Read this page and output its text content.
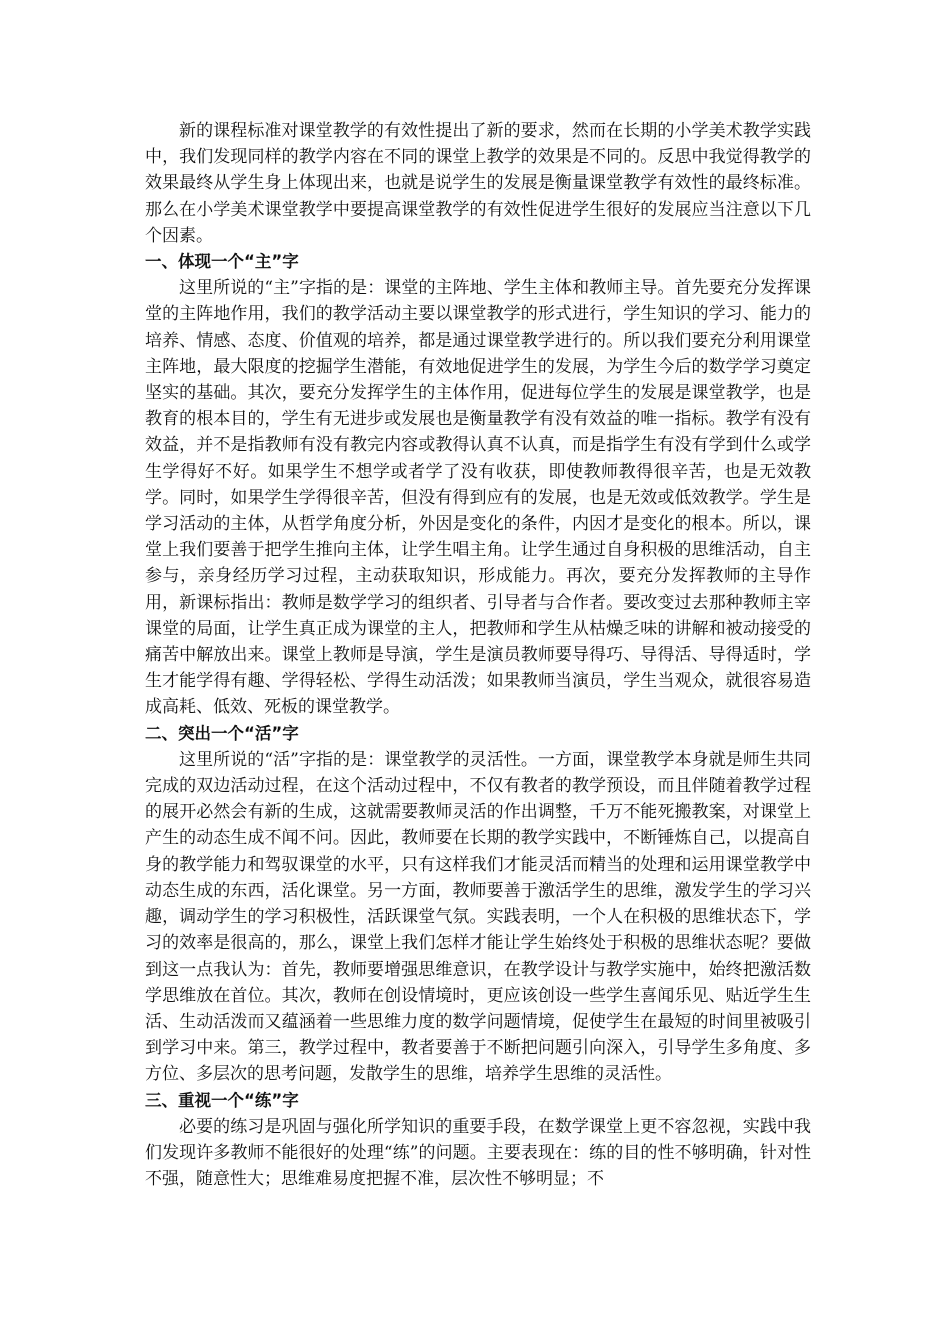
新的课程标准对课堂教学的有效性提出了新的要求，然而在长期的小学美术教学实践中，我们发现同样的教学内容在不同的课堂上教学的效果是不同的。反思中我觉得教学的效果最终从学生身上体现出来，也就是说学生的发展是衡量课堂教学有效性的最终标准。那么在小学美术课堂教学中要提高课堂教学的有效性促进学生很好的发展应当注意以下几个因素。

一、体现一个“主”字

这里所说的“主”字指的是：课堂的主阵地、学生主体和教师主导。首先要充分发挥课堂的主阵地作用，我们的教学活动主要以课堂教学的形式进行，学生知识的学习、能力的培养、情感、态度、价值观的培养，都是通过课堂教学进行的。所以我们要充分利用课堂主阵地，最大限度的挖掘学生潜能，有效地促进学生的发展，为学生今后的数学学习奠定坚实的基础。其次，要充分发挥学生的主体作用，促进每位学生的发展是课堂教学，也是教育的根本目的，学生有无进步或发展也是衡量教学有没有效益的唯一指标。教学有没有效益，并不是指教师有没有教完内容或教得认真不认真，而是指学生有没有学到什么或学生学得好不好。如果学生不想学或者学了没有收获，即使教师教得很辛苦，也是无效教学。同时，如果学生学得很辛苦，但没有得到应有的发展，也是无效或低效教学。学生是学习活动的主体，从哲学角度分析，外因是变化的条件，内因才是变化的根本。所以，课堂上我们要善于把学生推向主体，让学生唱主角。让学生通过自身积极的思维活动，自主参与，亲身经历学习过程，主动获取知识，形成能力。再次，要充分发挥教师的主导作用，新课标指出：教师是数学学习的组织者、引导者与合作者。要改变过去那种教师主宰课堂的局面，让学生真正成为课堂的主人，把教师和学生从枯燥乏味的讲解和被动接受的痛苦中解放出来。课堂上教师是导演，学生是演员教师要导得巧、导得活、导得适时，学生才能学得有趣、学得轻松、学得生动活泼；如果教师当演员，学生当观众，就很容易造成高耗、低效、死板的课堂教学。

二、突出一个“活”字

这里所说的“活”字指的是：课堂教学的灵活性。一方面，课堂教学本身就是师生共同完成的双边活动过程，在这个活动过程中，不仅有教者的教学预设，而且伴随着教学过程的展开必然会有新的生成，这就需要教师灵活的作出调整，千万不能死搬教案，对课堂上产生的动态生成不闻不问。因此，教师要在长期的教学实践中，不断锤炼自己，以提高自身的教学能力和驾驭课堂的水平，只有这样我们才能灵活而精当的处理和运用课堂教学中动态生成的东西，活化课堂。另一方面，教师要善于激活学生的思维，激发学生的学习兴趣，调动学生的学习积极性，活跃课堂气氛。实践表明，一个人在积极的思维状态下，学习的效率是很高的，那么，课堂上我们怎样才能让学生始终处于积极的思维状态呢？要做到这一点我认为：首先，教师要增强思维意识，在教学设计与教学实施中，始终把激活数学思维放在首位。其次，教师在创设情境时，更应该创设一些学生喜闻乐见、贴近学生生活、生动活泼而又蕴涵着一些思维力度的数学问题情境，促使学生在最短的时间里被吸引到学习中来。第三，教学过程中，教者要善于不断把问题引向深入，引导学生多角度、多方位、多层次的思考问题，发散学生的思维，培养学生思维的灵活性。

三、重视一个“练”字

必要的练习是巩固与强化所学知识的重要手段，在数学课堂上更不容忽视，实践中我们发现许多教师不能很好的处理“练”的问题。主要表现在：练的目的性不够明确，针对性不强，随意性大；思维难易度把握不准，层次性不够明显；不
